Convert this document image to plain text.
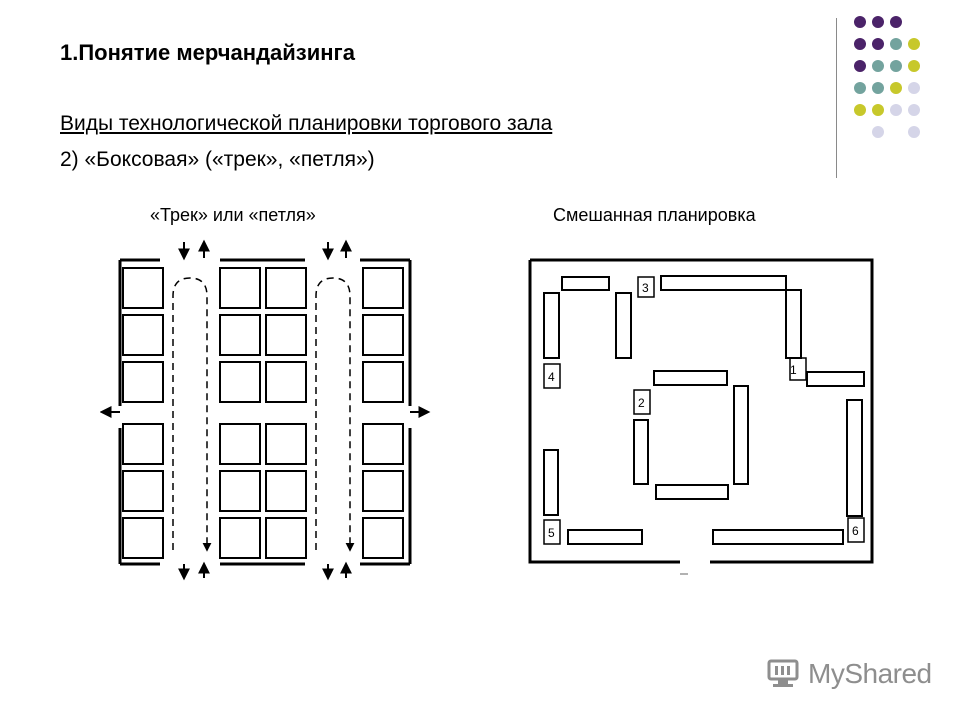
1.Понятие мерчандайзинга

Виды технологической планировки торгового зала

2) «Боксовая» («трек», «петля»)

«Трек» или «петля»	Смешанная планировка
1
2
3
4
5	6
MyShared
